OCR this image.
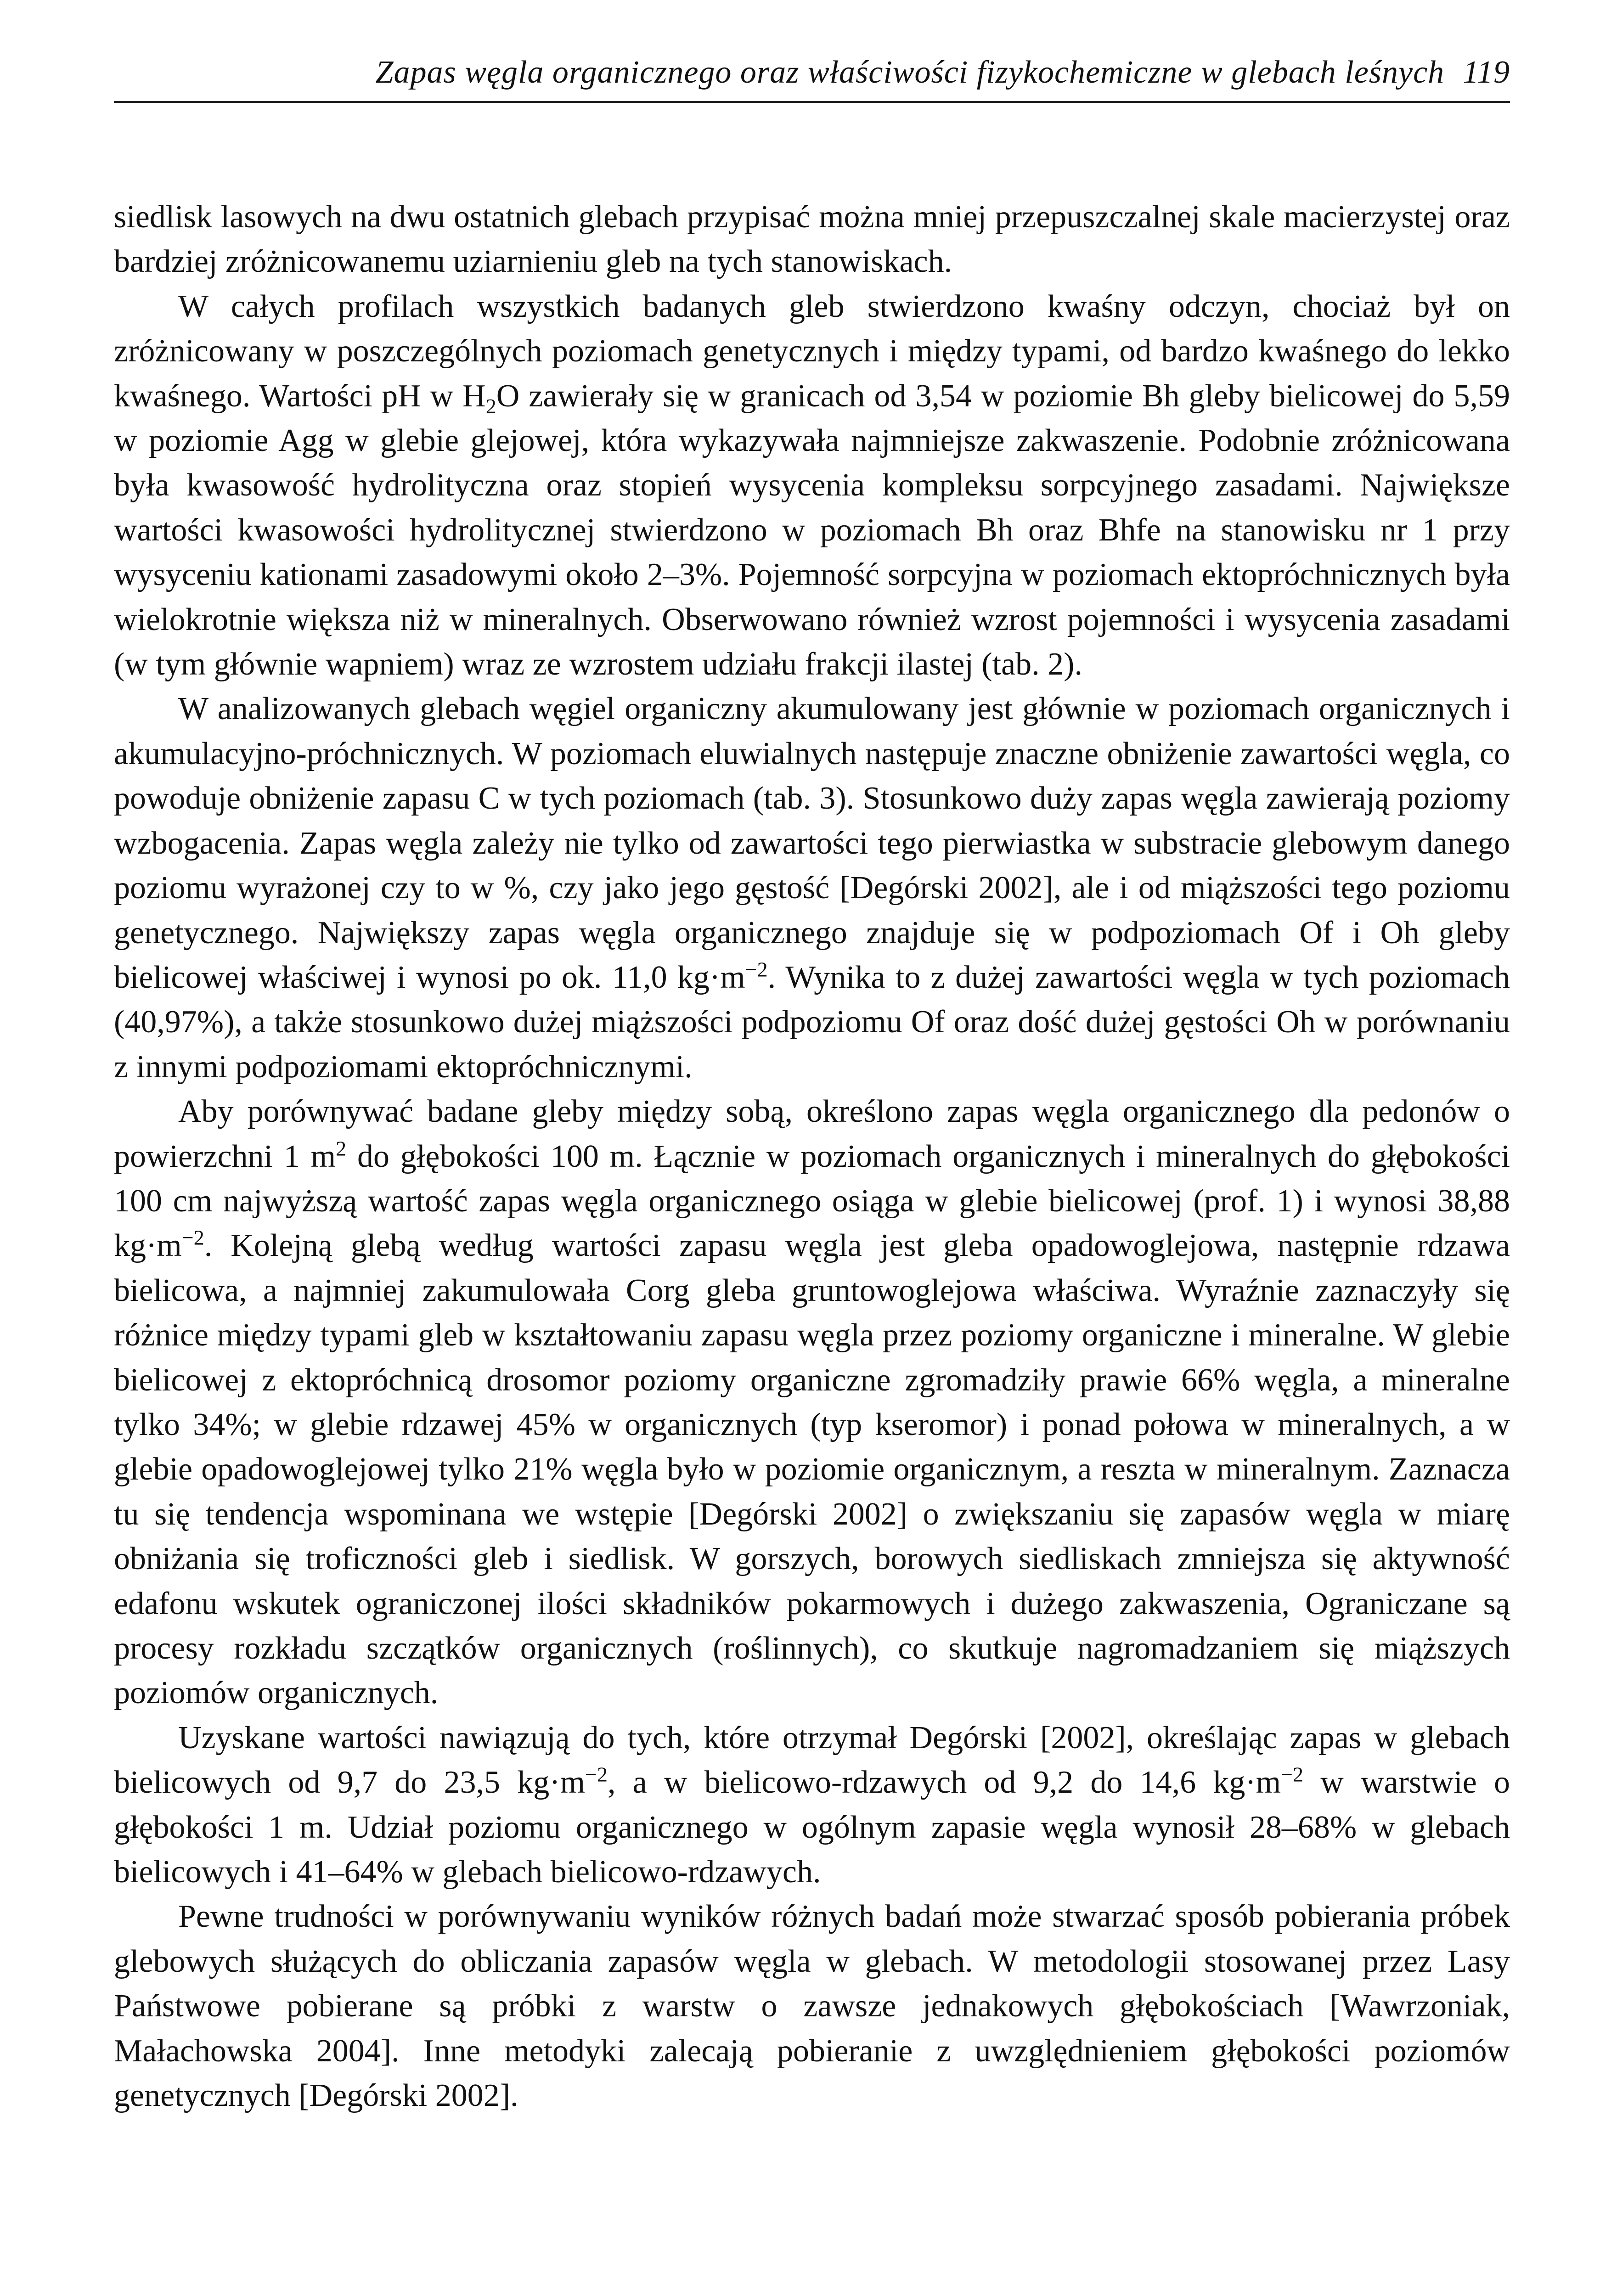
Zapas węgla organicznego oraz właściwości fizykochemiczne w glebach leśnych 119

siedlisk lasowych na dwu ostatnich glebach przypisać można mniej przepuszczalnej skale macierzystej oraz bardziej zróżnicowanemu uziarnieniu gleb na tych stanowiskach.

W całych profilach wszystkich badanych gleb stwierdzono kwaśny odczyn, chociaż był on zróżnicowany w poszczególnych poziomach genetycznych i między typami, od bardzo kwaśnego do lekko kwaśnego. Wartości pH w $H_2O$ zawierały się w granicach od 3,54 w poziomie Bh gleby bielicowej do 5,59 w poziomie Agg w glebie glejowej, która wykazywała najmniejsze zakwaszenie. Podobnie zróżnicowana była kwasowość hydrolityczna oraz stopień wysycenia kompleksu sorpcyjnego zasadami. Największe wartości kwasowości hydrolitycznej stwierdzono w poziomach Bh oraz Bhfe na stanowisku nr 1 przy wysyceniu kationami zasadowymi około 2–3%. Pojemność sorpcyjna w poziomach ektopróchnicznych była wielokrotnie większa niż w mineralnych. Obserwowano również wzrost pojemności i wysycenia zasadami (w tym głównie wapniem) wraz ze wzrostem udziału frakcji ilastej (tab. 2).

W analizowanych glebach węgiel organiczny akumulowany jest głównie w poziomach organicznych i akumulacyjno-próchnicznych. W poziomach eluwialnych następuje znaczne obniżenie zawartości węgla, co powoduje obniżenie zapasu C w tych poziomach (tab. 3). Stosunkowo duży zapas węgla zawierają poziomy wzbogacenia. Zapas węgla zależy nie tylko od zawartości tego pierwiastka w substracie glebowym danego poziomu wyrażonej czy to w %, czy jako jego gęstość [Degórski 2002], ale i od miąższości tego poziomu genetycznego. Największy zapas węgla organicznego znajduje się w podpoziomach Of i Oh gleby bielicowej właściwej i wynosi po ok. 11,0 $kg\cdot m^{-2}$. Wynika to z dużej zawartości węgla w tych poziomach (40,97%), a także stosunkowo dużej miąższości podpoziomu Of oraz dość dużej gęstości Oh w porównaniu z innymi podpoziomami ektopróchnicznymi.

Aby porównywać badane gleby między sobą, określono zapas węgla organicznego dla pedonów o powierzchni 1 $m^2$ do głębokości 100 m. Łącznie w poziomach organicznych i mineralnych do głębokości 100 cm najwyższą wartość zapas węgla organicznego osiąga w glebie bielicowej (prof. 1) i wynosi 38,88 $kg\cdot m^{-2}$. Kolejną glebą według wartości zapasu węgla jest gleba opadowoglejowa, następnie rdzawa bielicowa, a najmniej zakumulowała Corg gleba gruntowoglejowa właściwa. Wyraźnie zaznaczyły się różnice między typami gleb w kształtowaniu zapasu węgla przez poziomy organiczne i mineralne. W glebie bielicowej z ektopróchnicą drosomor poziomy organiczne zgromadziły prawie 66% węgla, a mineralne tylko 34%; w glebie rdzawej 45% w organicznych (typ kseromor) i ponad połowa w mineralnych, a w glebie opadowoglejowej tylko 21% węgla było w poziomie organicznym, a reszta w mineralnym. Zaznacza tu się tendencja wspominana we wstępie [Degórski 2002] o zwiększaniu się zapasów węgla w miarę obniżania się troficzności gleb i siedlisk. W gorszych, borowych siedliskach zmniejsza się aktywność edafonu wskutek ograniczonej ilości składników pokarmowych i dużego zakwaszenia, Ograniczane są procesy rozkładu szczątków organicznych (roślinnych), co skutkuje nagromadzaniem się miąższych poziomów organicznych.

Uzyskane wartości nawiązują do tych, które otrzymał Degórski [2002], określając zapas w glebach bielicowych od 9,7 do 23,5 $kg\cdot m^{-2}$, a w bielicowo-rdzawych od 9,2 do 14,6 $kg\cdot m^{-2}$ w warstwie o głębokości 1 m. Udział poziomu organicznego w ogólnym zapasie węgla wynosił 28–68% w glebach bielicowych i 41–64% w glebach bielicowo-rdzawych.

Pewne trudności w porównywaniu wyników różnych badań może stwarzać sposób pobierania próbek glebowych służących do obliczania zapasów węgla w glebach. W metodologii stosowanej przez Lasy Państwowe pobierane są próbki z warstw o zawsze jednakowych głębokościach [Wawrzoniak, Małachowska 2004]. Inne metodyki zalecają pobieranie z uwzględnieniem głębokości poziomów genetycznych [Degórski 2002].
